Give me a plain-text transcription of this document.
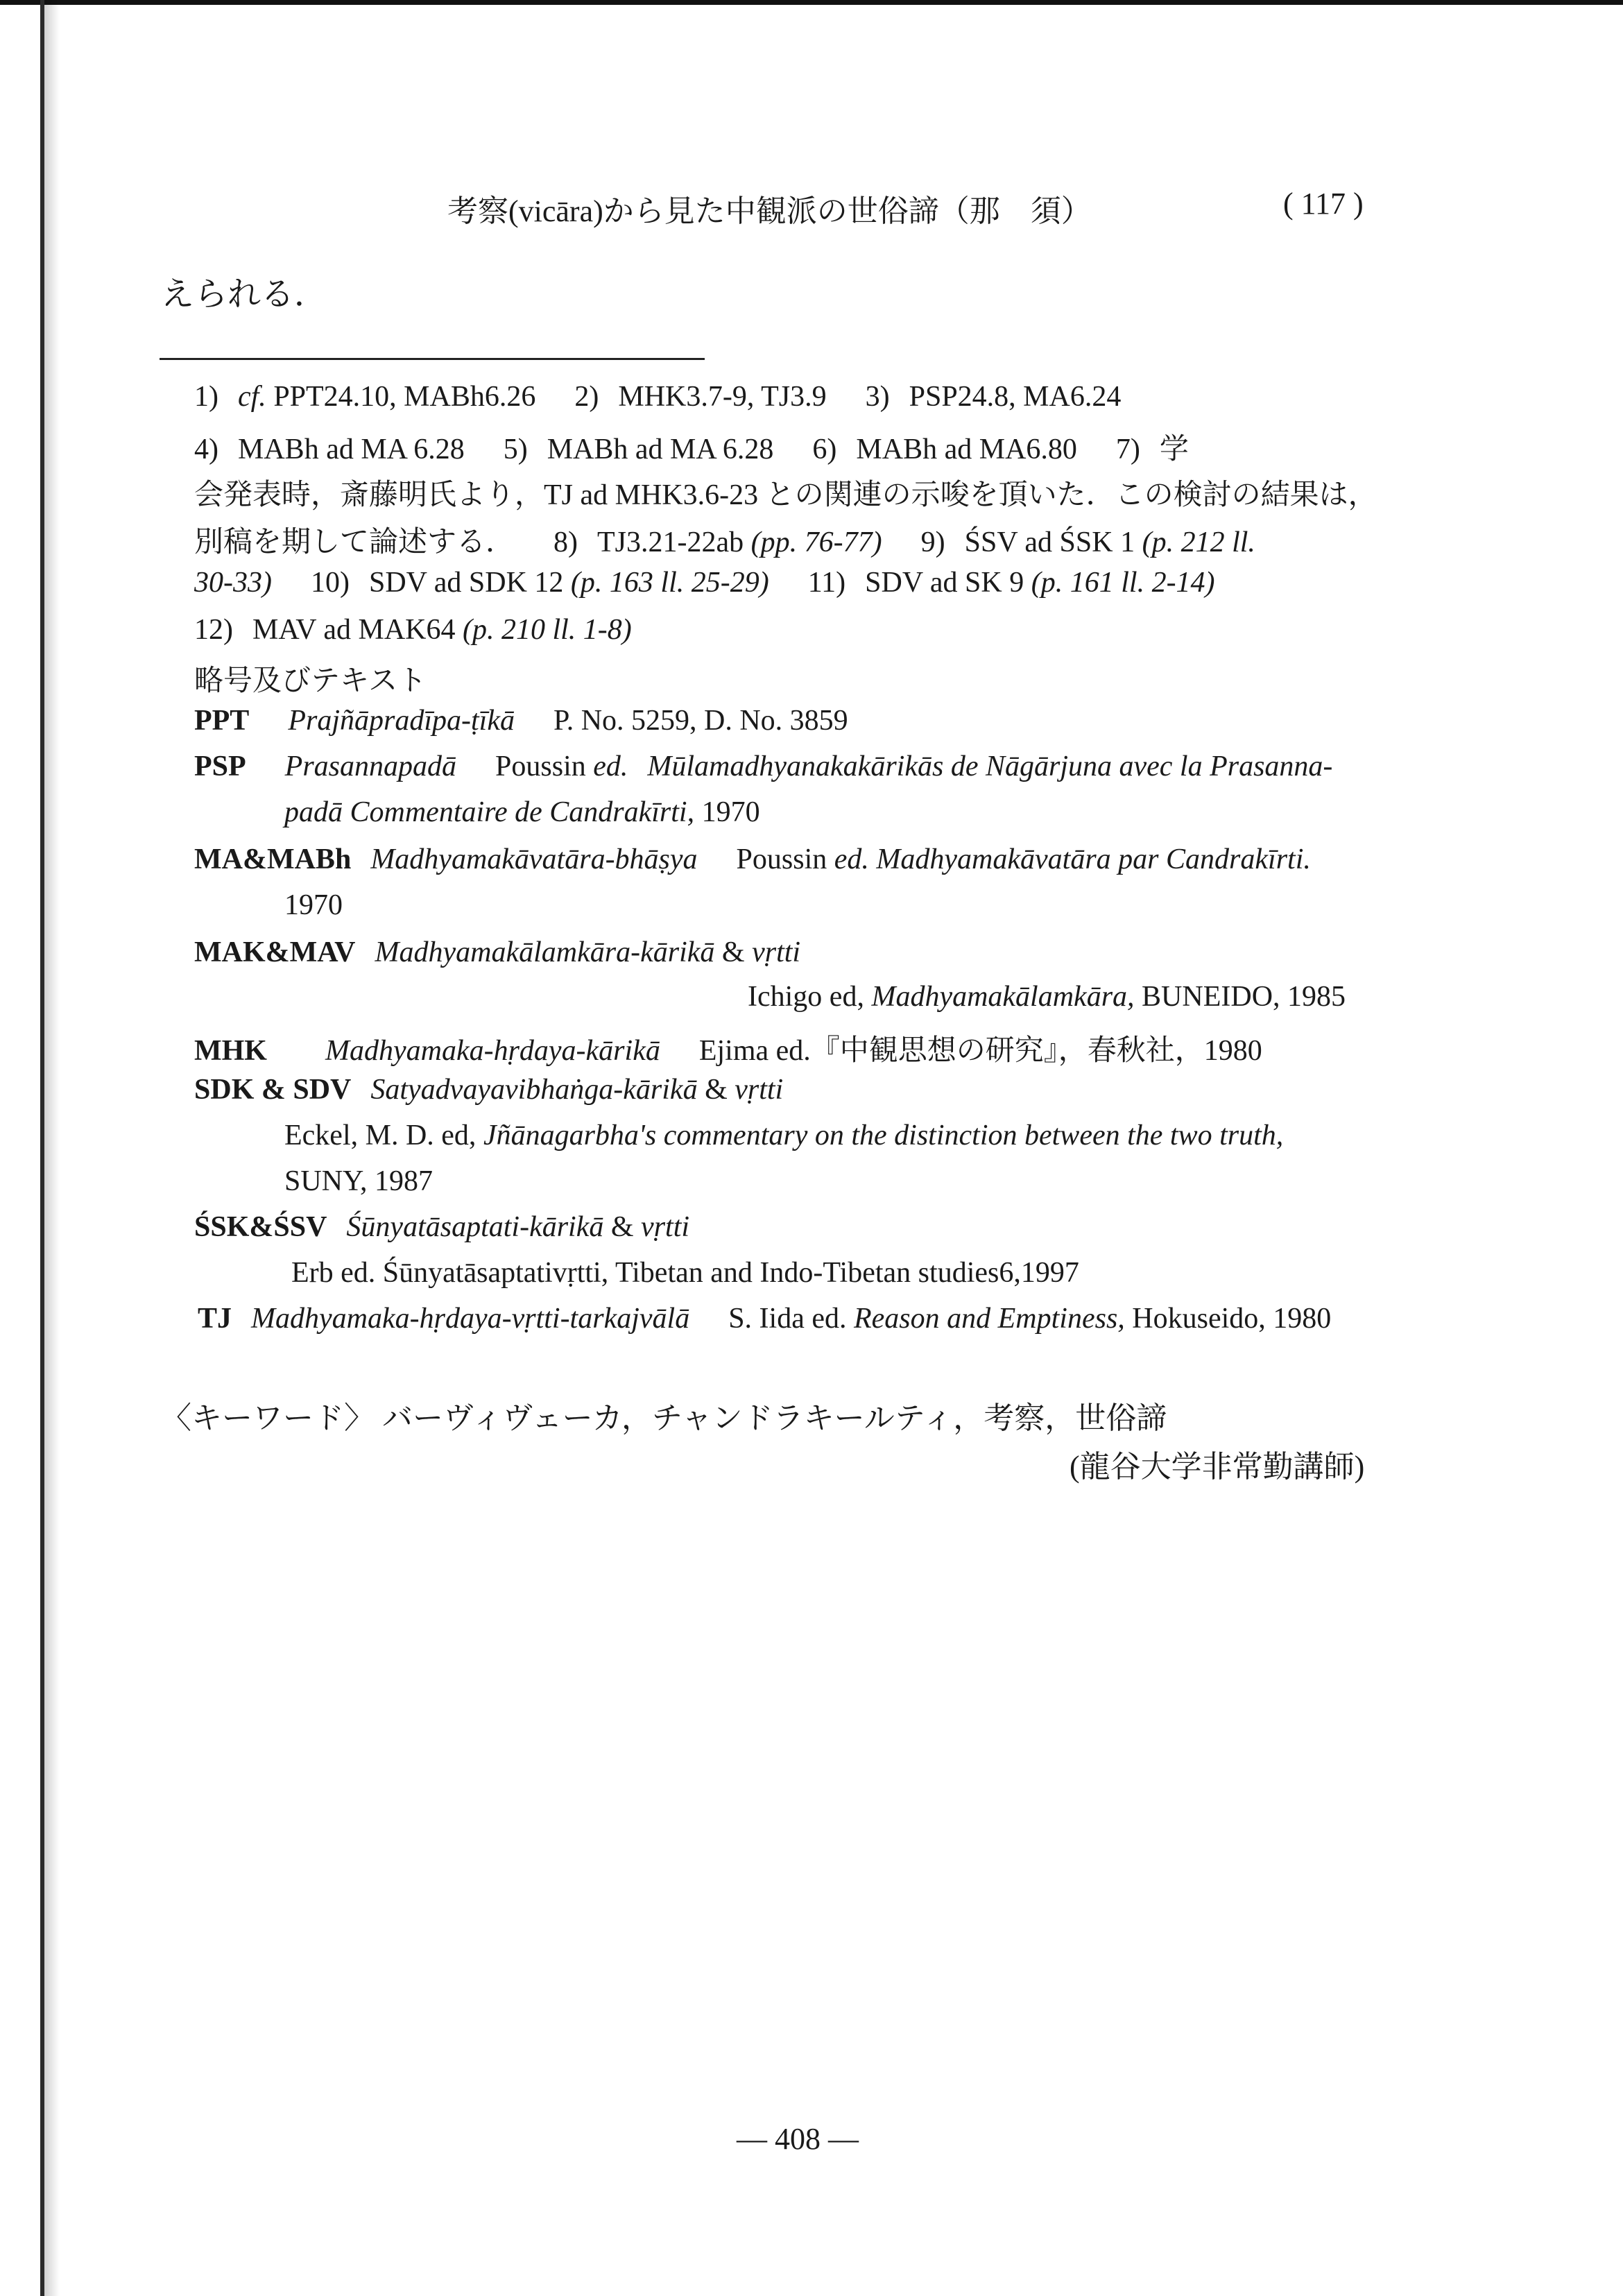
考察(vicāra)から見た中観派の世俗諦（那　須）	( 117 )
えられる．
1) cf. PPT24.10, MABh6.26 2) MHK3.7-9, TJ3.9 3) PSP24.8, MA6.24
4) MABh ad MA 6.28 5) MABh ad MA 6.28 6) MABh ad MA6.80 7) 学
会発表時，斎藤明氏より，TJ ad MHK3.6-23 との関連の示唆を頂いた．この検討の結果は，
別稿を期して論述する． 8) TJ3.21-22ab (pp. 76-77) 9) ŚSV ad ŚSK 1 (p. 212 ll.
30-33) 10) SDV ad SDK 12 (p. 163 ll. 25-29) 11) SDV ad SK 9 (p. 161 ll. 2-14)
12) MAV ad MAK64 (p. 210 ll. 1-8)
略号及びテキスト
PPT Prajñāpradīpa-ṭīkā P. No. 5259, D. No. 3859
PSP Prasannapadā Poussin ed. Mūlamadhyanakakārikās de Nāgārjuna avec la Prasanna-
padā Commentaire de Candrakīrti, 1970
MA&MABh Madhyamakāvatāra-bhāṣya Poussin ed. Madhyamakāvatāra par Candrakīrti.
1970
MAK&MAV Madhyamakālamkāra-kārikā & vṛtti
Ichigo ed, Madhyamakālamkāra, BUNEIDO, 1985
MHK Madhyamaka-hṛdaya-kārikā Ejima ed.『中観思想の研究』，春秋社，1980
SDK & SDV Satyadvayavibhaṅga-kārikā & vṛtti
Eckel, M. D. ed, Jñānagarbha's commentary on the distinction between the two truth,
SUNY, 1987
ŚSK&ŚSV Śūnyatāsaptati-kārikā & vṛtti
Erb ed. Śūnyatāsaptativṛtti, Tibetan and Indo-Tibetan studies6,1997
TJ Madhyamaka-hṛdaya-vṛtti-tarkajvālā S. Iida ed. Reason and Emptiness, Hokuseido, 1980
〈キーワード〉 バーヴィヴェーカ，チャンドラキールティ，考察，世俗諦
(龍谷大学非常勤講師)
— 408 —
